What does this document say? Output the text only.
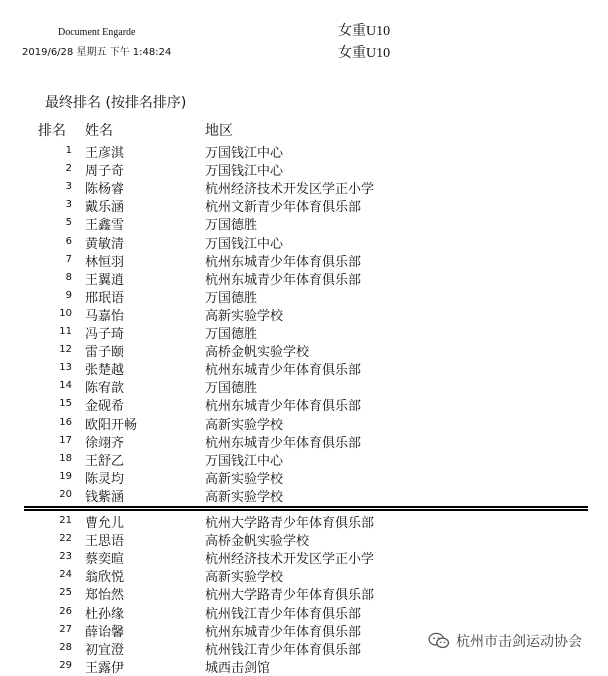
Document Engarde
2019/6/28 星期五 下午 1:48:24
女重U10
女重U10
最终排名 (按排名排序)
排名 姓名	地区
1 王彦淇	万国钱江中心
2 周子奇	万国钱江中心
3 陈杨睿	杭州经济技术开发区学正小学
3 戴乐涵	杭州文新青少年体育俱乐部
5 王鑫雪	万国德胜
6 黄敏清	万国钱江中心
7 林恒羽	杭州东城青少年体育俱乐部
8 王翼逍	杭州东城青少年体育俱乐部
9 邢珉语	万国德胜
10 马嘉怡	高新实验学校
11 冯子琦	万国德胜
12 雷子颐	高桥金帆实验学校
13 张楚越	杭州东城青少年体育俱乐部
14 陈宥歆	万国德胜
15 金砚希	杭州东城青少年体育俱乐部
16 欧阳开畅	高新实验学校
17 徐翊齐	杭州东城青少年体育俱乐部
18 王舒乙	万国钱江中心
19 陈灵均	高新实验学校
20 钱紫涵	高新实验学校
21 曹允儿	杭州大学路青少年体育俱乐部
22 王思语	高桥金帆实验学校
23 蔡奕暄	杭州经济技术开发区学正小学
24 翁欣悦	高新实验学校
25 郑怡然	杭州大学路青少年体育俱乐部
26 杜孙缘	杭州钱江青少年体育俱乐部
27 薛诒馨	杭州东城青少年体育俱乐部
28 初宜澄	杭州钱江青少年体育俱乐部
29 王露伊	城西击剑馆
杭州市击剑运动协会
